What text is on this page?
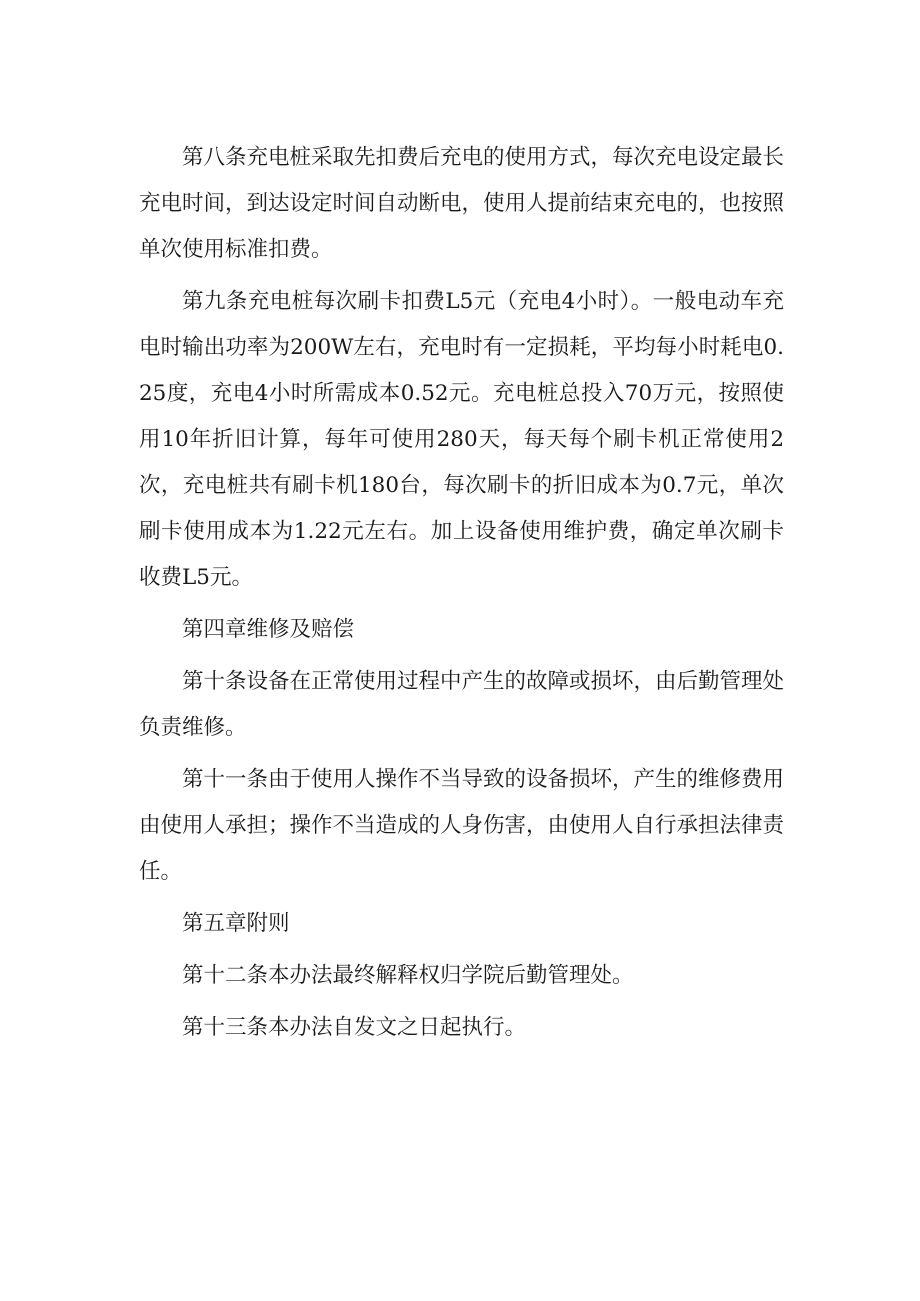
第八条充电桩采取先扣费后充电的使用方式，每次充电设定最长充电时间，到达设定时间自动断电，使用人提前结束充电的，也按照单次使用标准扣费。

第九条充电桩每次刷卡扣费L5元（充电4小时）。一般电动车充电时输出功率为200W左右，充电时有一定损耗，平均每小时耗电0.25度，充电4小时所需成本0.52元。充电桩总投入70万元，按照使用10年折旧计算，每年可使用280天，每天每个刷卡机正常使用2次，充电桩共有刷卡机180台，每次刷卡的折旧成本为0.7元，单次刷卡使用成本为1.22元左右。加上设备使用维护费，确定单次刷卡收费L5元。

第四章维修及赔偿

第十条设备在正常使用过程中产生的故障或损坏，由后勤管理处负责维修。

第十一条由于使用人操作不当导致的设备损坏，产生的维修费用由使用人承担；操作不当造成的人身伤害，由使用人自行承担法律责任。

第五章附则

第十二条本办法最终解释权归学院后勤管理处。

第十三条本办法自发文之日起执行。
